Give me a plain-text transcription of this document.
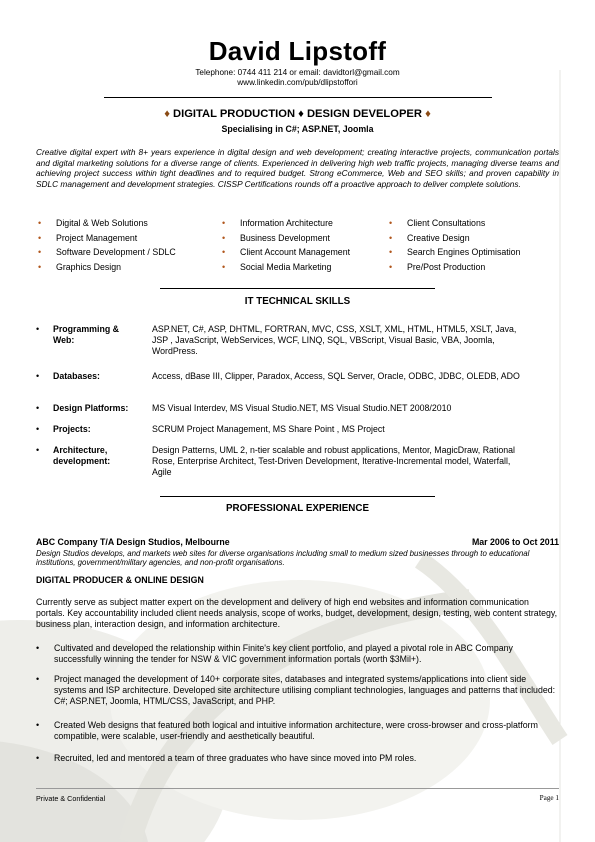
David Lipstoff
Telephone: 0744 411 214 or email: davidtorl@gmail.com
www.linkedin.com/pub/dlipstoffori
♦ DIGITAL PRODUCTION ♦ DESIGN DEVELOPER ♦
Specialising in C#; ASP.NET, Joomla
Creative digital expert with 8+ years experience in digital design and web development; creating interactive projects, communication portals and digital marketing solutions for a diverse range of clients. Experienced in delivering high web traffic projects, managing diverse teams and achieving project success within tight deadlines and to required budget. Strong eCommerce, Web and SEO skills; and proven capability in SDLC management and development strategies. CISSP Certifications rounds off a proactive approach to deliver complete solutions.
• Digital & Web Solutions
• Project Management
• Software Development / SDLC
• Graphics Design
• Information Architecture
• Business Development
• Client Account Management
• Social Media Marketing
• Client Consultations
• Creative Design
• Search Engines Optimisation
• Pre/Post Production
IT TECHNICAL SKILLS
• Programming & Web:
ASP.NET, C#, ASP, DHTML, FORTRAN, MVC, CSS, XSLT, XML, HTML, HTML5, XSLT, Java, JSP , JavaScript, WebServices, WCF, LINQ, SQL, VBScript, Visual Basic, VBA, Joomla, WordPress.
• Databases:	Access, dBase III, Clipper, Paradox, Access, SQL Server, Oracle, ODBC, JDBC, OLEDB, ADO
• Design Platforms:	MS Visual Interdev, MS Visual Studio.NET, MS Visual Studio.NET 2008/2010
• Projects:	SCRUM Project Management, MS Share Point , MS Project
• Architecture, development:
Design Patterns, UML 2, n-tier scalable and robust applications, Mentor, MagicDraw, Rational Rose, Enterprise Architect, Test-Driven Development, Iterative-Incremental model, Waterfall, Agile
PROFESSIONAL EXPERIENCE
ABC Company T/A Design Studios, Melbourne	Mar 2006 to Oct 2011
Design Studios develops, and markets web sites for diverse organisations including small to medium sized businesses through to educational institutions, government/military agencies, and non-profit organisations.
DIGITAL PRODUCER & ONLINE DESIGN
Currently serve as subject matter expert on the development and delivery of high end websites and information communication portals. Key accountability included client needs analysis, scope of works, budget, development, design, testing, web content strategy, business plan, interaction design, and information architecture.
• Cultivated and developed the relationship within Finite's key client portfolio, and played a pivotal role in ABC Company successfully winning the tender for NSW & VIC government information portals (worth $3Mil+).
• Project managed the development of 140+ corporate sites, databases and integrated systems/applications into client side systems and ISP architecture. Developed site architecture utilising compliant technologies, languages and patterns that included: C#; ASP.NET, Joomla, HTML/CSS, JavaScript, and PHP.
• Created Web designs that featured both logical and intuitive information architecture, were cross-browser and cross-platform compatible, were scalable, user-friendly and aesthetically beautiful.
• Recruited, led and mentored a team of three graduates who have since moved into PM roles.
Private & Confidential	Page 1
